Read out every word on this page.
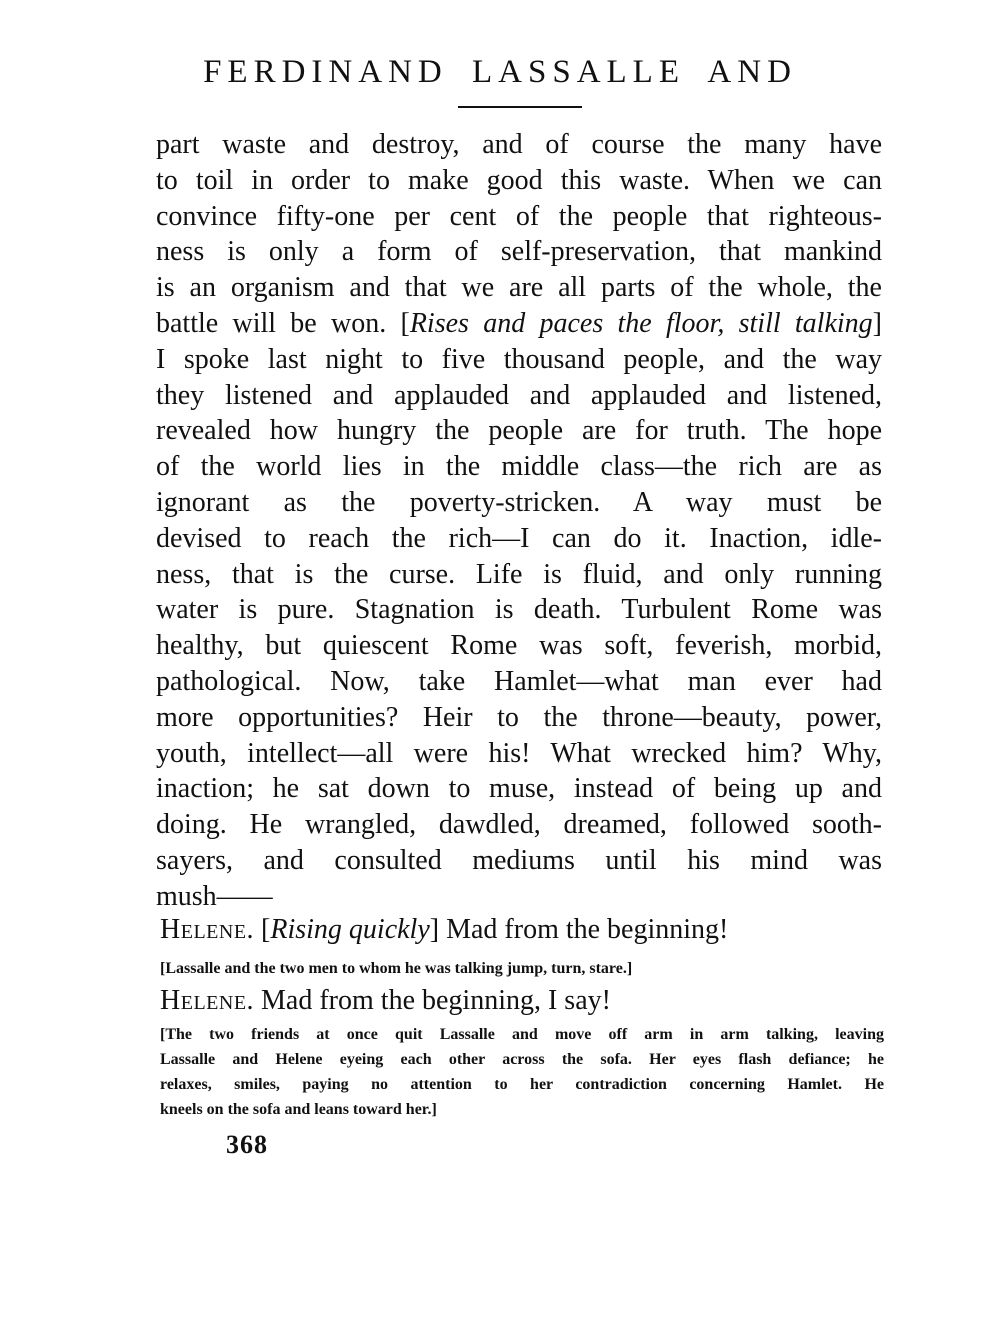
FERDINAND LASSALLE AND
part waste and destroy, and of course the many have
to toil in order to make good this waste. When we can
convince fifty-one per cent of the people that righteous-
ness is only a form of self-preservation, that mankind
is an organism and that we are all parts of the whole, the
battle will be won. [Rises and paces the floor, still talking]
I spoke last night to five thousand people, and the way
they listened and applauded and applauded and listened,
revealed how hungry the people are for truth. The hope
of the world lies in the middle class—the rich are as
ignorant as the poverty-stricken. A way must be
devised to reach the rich—I can do it. Inaction, idle-
ness, that is the curse. Life is fluid, and only running
water is pure. Stagnation is death. Turbulent Rome was
healthy, but quiescent Rome was soft, feverish, morbid,
pathological. Now, take Hamlet—what man ever had
more opportunities? Heir to the throne—beauty, power,
youth, intellect—all were his! What wrecked him? Why,
inaction; he sat down to muse, instead of being up and
doing. He wrangled, dawdled, dreamed, followed sooth-
sayers, and consulted mediums until his mind was
mush——
Helene. [Rising quickly] Mad from the beginning!
[Lassalle and the two men to whom he was talking jump, turn, stare.]
Helene. Mad from the beginning, I say!
[The two friends at once quit Lassalle and move off arm in arm talking, leaving
Lassalle and Helene eyeing each other across the sofa. Her eyes flash defiance; he
relaxes, smiles, paying no attention to her contradiction concerning Hamlet. He
kneels on the sofa and leans toward her.]
368
